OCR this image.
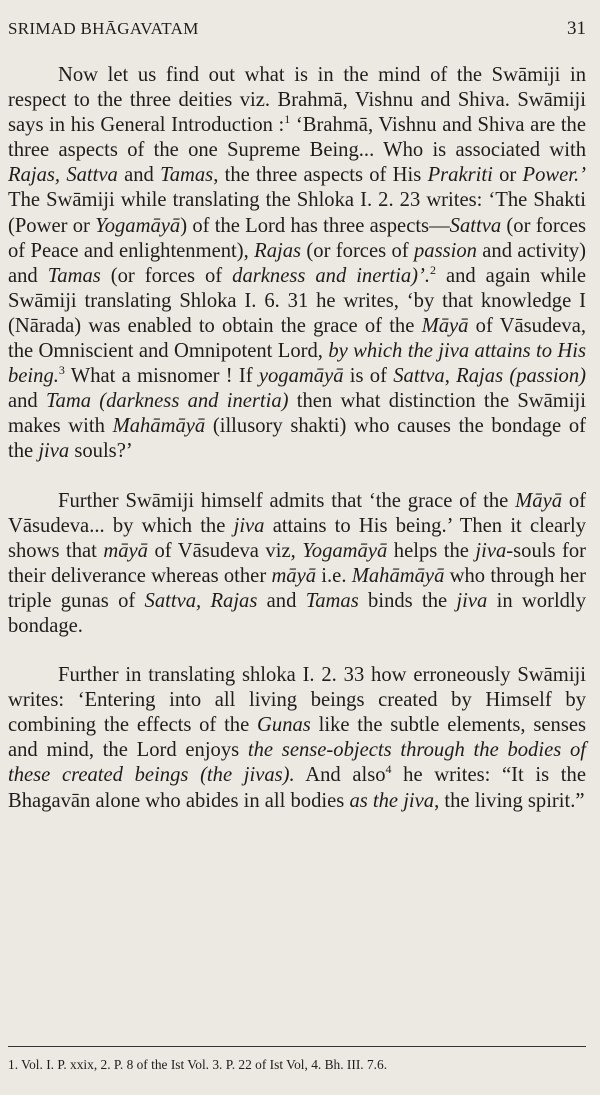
SRIMAD BHĀGAVATAM	31

Now let us find out what is in the mind of the Swāmiji in respect to the three deities viz. Brahmā, Vishnu and Shiva. Swāmiji says in his General Introduction :$^1$ ‘Brahmā, Vishnu and Shiva are the three aspects of the one Supreme Being... Who is associated with Rajas, Sattva and Tamas, the three aspects of His Prakriti or Power.’ The Swāmiji while translating the Shloka I. 2. 23 writes: ‘The Shakti (Power or Yogamāyā) of the Lord has three aspects—Sattva (or forces of Peace and enlightenment), Rajas (or forces of passion and activity) and Tamas (or forces of darkness and inertia)’.$^2$ and again while Swāmiji translating Shloka I. 6. 31 he writes, ‘by that knowledge I (Nārada) was enabled to obtain the grace of the Māyā of Vāsudeva, the Omniscient and Omnipotent Lord, by which the jiva attains to His being.$^3$ What a misnomer ! If yogamāyā is of Sattva, Rajas (passion) and Tama (darkness and inertia) then what distinction the Swāmiji makes with Mahāmāyā (illusory shakti) who causes the bondage of the jiva souls?’

Further Swāmiji himself admits that ‘the grace of the Māyā of Vāsudeva... by which the jiva attains to His being.’ Then it clearly shows that māyā of Vāsudeva viz, Yogamāyā helps the jiva-souls for their deliverance whereas other māyā i.e. Mahāmāyā who through her triple gunas of Sattva, Rajas and Tamas binds the jiva in worldly bondage.

Further in translating shloka I. 2. 33 how erroneously Swāmiji writes: ‘Entering into all living beings created by Himself by combining the effects of the Gunas like the subtle elements, senses and mind, the Lord enjoys the sense-objects through the bodies of these created beings (the jivas). And also$^4$ he writes: “It is the Bhagavān alone who abides in all bodies as the jiva, the living spirit.”

1. Vol. I. P. xxix, 2. P. 8 of the Ist Vol. 3. P. 22 of Ist Vol, 4. Bh. III. 7.6.
